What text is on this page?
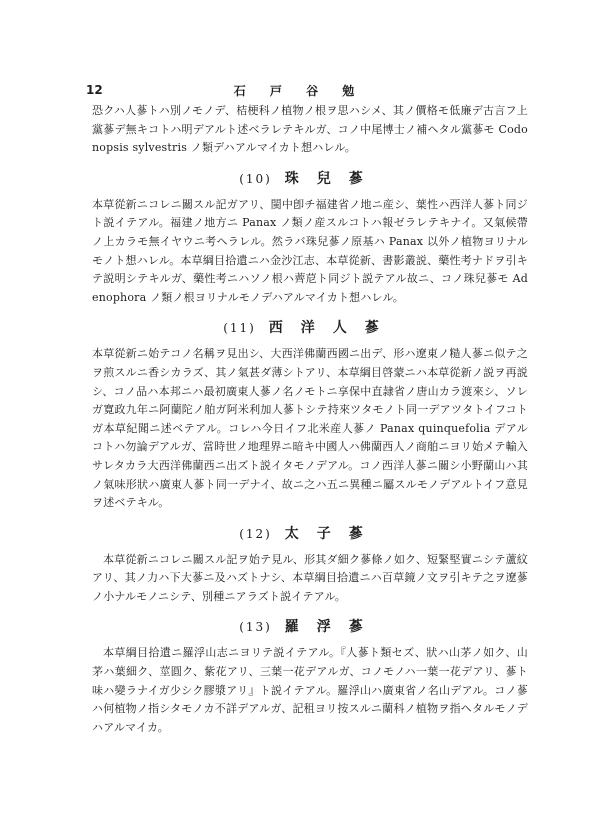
12	石 戸 谷 勉

恐クハ人蔘トハ別ノモノデ、桔梗科ノ植物ノ根ヲ思ハシメ、其ノ價格モ低廉デ古言フ上黨蔘デ無キコトハ明デアルト述ベラレテキルガ、コノ中尾博士ノ補ヘタル黨蔘モ Codonopsis sylvestris ノ類デハアルマイカト想ハレル。

(10) 珠兒蔘

本草從新ニコレニ關スル記ガアリ、閩中卽チ福建省ノ地ニ産シ、葉性ハ西洋人蔘ト同ジト説イテアル。福建ノ地方ニ Panax ノ類ノ産スルコトハ報ゼラレテキナイ。又氣候帶ノ上カラモ無イヤウニ考ヘラレル。然ラバ珠兒蔘ノ原基ハ Panax 以外ノ植物ヨリナルモノト想ハレル。本草綱目拾遺ニハ金沙江志、本草從新、書影叢説、藥性考ナドヲ引キテ説明シテキルガ、藥性考ニハソノ根ハ薺苨ト同ジト説テアル故ニ、コノ珠兒蔘モ Adenophora ノ類ノ根ヨリナルモノデハアルマイカト想ハレル。

(11) 西洋人蔘

本草從新ニ始テコノ名稱ヲ見出シ、大西洋佛蘭西國ニ出デ、形ハ遼東ノ糙人蔘ニ似テ之ヲ煎スルニ香シカラズ、其ノ氣甚ダ薄シトアリ、本草綱目啓蒙ニハ本草從新ノ説ヲ再説シ、コノ品ハ本邦ニハ最初廣東人蔘ノ名ノモトニ享保中直隷省ノ唐山カラ渡來シ、ソレガ寛政九年ニ阿蘭陀ノ舶ガ阿米利加人蔘トシテ持來ツタモノト同一デアツタトイフコトガ本草紀聞ニ述ベテアル。コレハ今日イフ北米産人蔘ノ Panax quinquefolia デアルコトハ勿論デアルガ、當時世ノ地理界ニ暗キ中國人ハ佛蘭西人ノ商舶ニヨリ始メテ輸入サレタカラ大西洋佛蘭西ニ出ズト説イタモノデアル。コノ西洋人蔘ニ關シ小野蘭山ハ其ノ氣味形狀ハ廣東人蔘ト同一デナイ、故ニ之ハ五ニ異種ニ屬スルモノデアルトイフ意見ヲ述ベテキル。

(12) 太子蔘

本草從新ニコレニ關スル記ヲ始テ見ル、形其ダ細ク蔘條ノ如ク、短緊堅實ニシテ蘆紋アリ、其ノ力ハ下大蔘ニ及ハズトナシ、本草綱目拾遺ニハ百草鏡ノ文ヲ引キテ之ヲ遼蔘ノ小ナルモノニシテ、別種ニアラズト説イテアル。

(13) 羅浮蔘

本草綱目拾遺ニ羅浮山志ニヨリテ説イテアル。『人蔘ト類セズ、狀ハ山茅ノ如ク、山茅ハ葉細ク、莖圓ク、紫花アリ、三葉一花デアルガ、コノモノハ一葉一花デアリ、蔘ト味ハ變ラナイガ少シク膠漿アリ』ト説イテアル。羅浮山ハ廣東省ノ名山デアル。コノ蔘ハ何植物ノ指シタモノカ不詳デアルガ、記租ヨリ按スルニ蘭科ノ植物ヲ指ヘタルモノデハアルマイカ。
